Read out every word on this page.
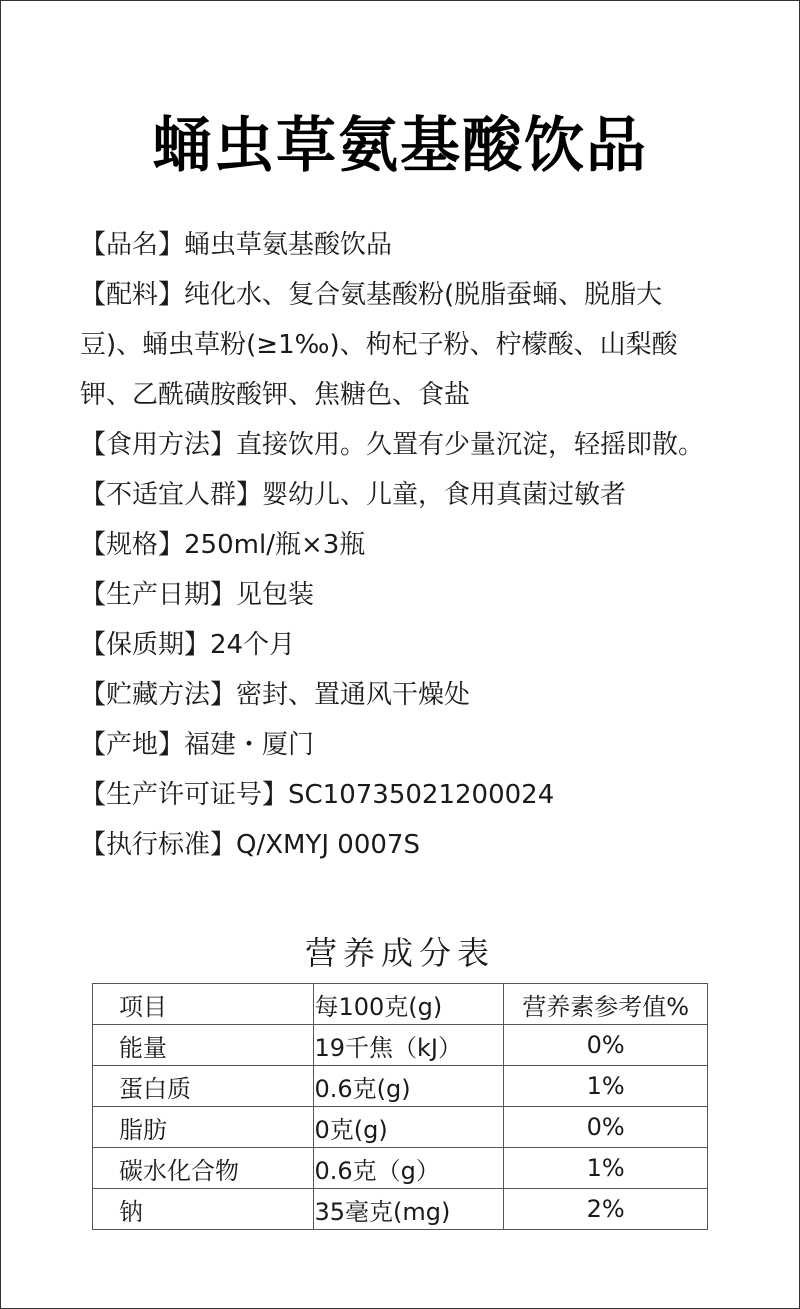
蛹虫草氨基酸饮品

【品名】蛹虫草氨基酸饮品

【配料】纯化水、复合氨基酸粉(脱脂蚕蛹、脱脂大豆)、蛹虫草粉(≥1‰)、枸杞子粉、柠檬酸、山梨酸钾、乙酰磺胺酸钾、焦糖色、食盐

【食用方法】直接饮用。久置有少量沉淀，轻摇即散。

【不适宜人群】婴幼儿、儿童，食用真菌过敏者

【规格】250ml/瓶×3瓶

【生产日期】见包装

【保质期】24个月

【贮藏方法】密封、置通风干燥处

【产地】福建・厦门

【生产许可证号】SC10735021200024

【执行标准】Q/XMYJ 0007S

营养成分表
项目	每100克(g)	营养素参考值%
能量	19千焦（kJ）	0%
蛋白质	0.6克(g)	1%
脂肪	0克(g)	0%
碳水化合物	0.6克（g）	1%
钠	35毫克(mg)	2%
